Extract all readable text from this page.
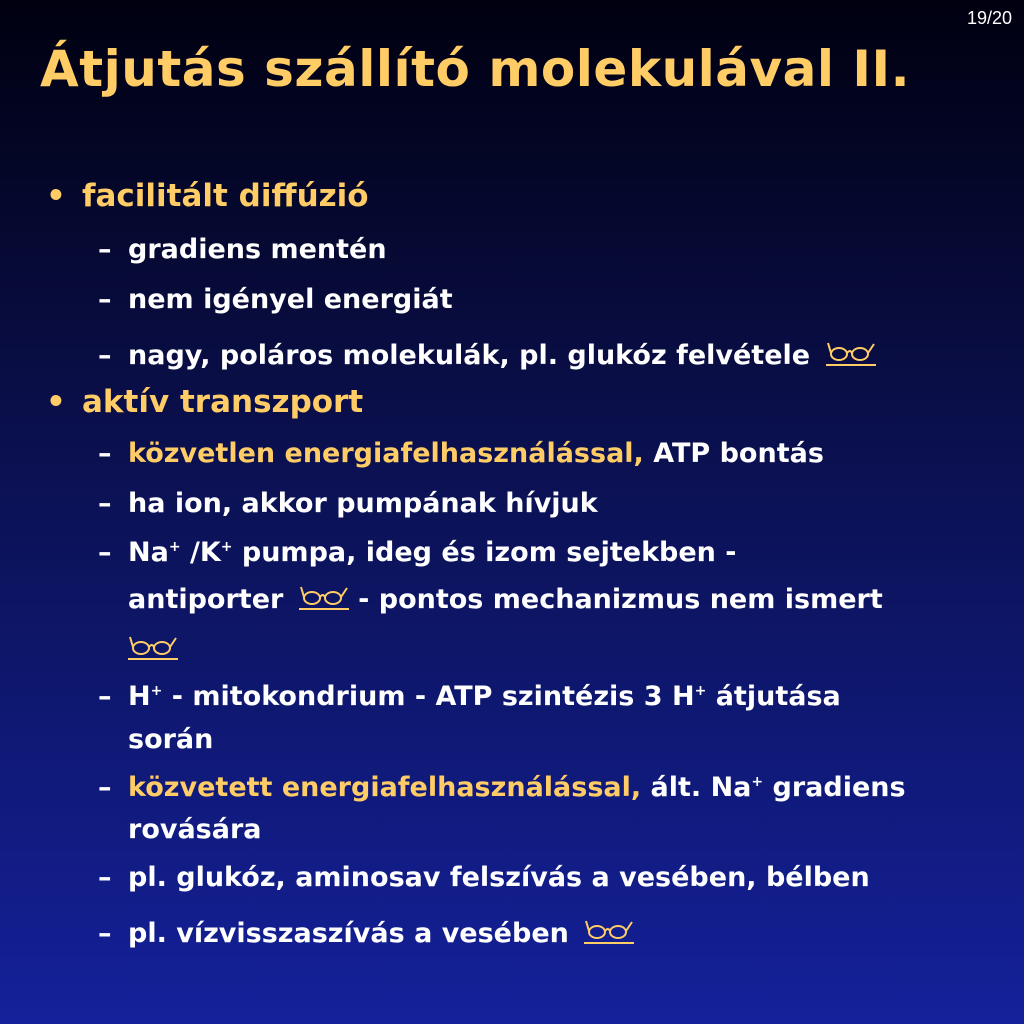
19/20
Átjutás szállító molekulával II.
• facilitált diffúzió
– gradiens mentén
– nem igényel energiát
– nagy, poláros molekulák, pl. glukóz felvétele
• aktív transzport
– közvetlen energiafelhasználással, ATP bontás
– ha ion, akkor pumpának hívjuk
– Na+ /K+ pumpa, ideg és izom sejtekben -
antiporter
- pontos mechanizmus nem ismert
– H+ - mitokondrium - ATP szintézis 3 H+ átjutása
során
– közvetett energiafelhasználással, ált. Na+ gradiens
rovására
– pl. glukóz, aminosav felszívás a vesében, bélben
– pl. vízvisszaszívás a vesében
